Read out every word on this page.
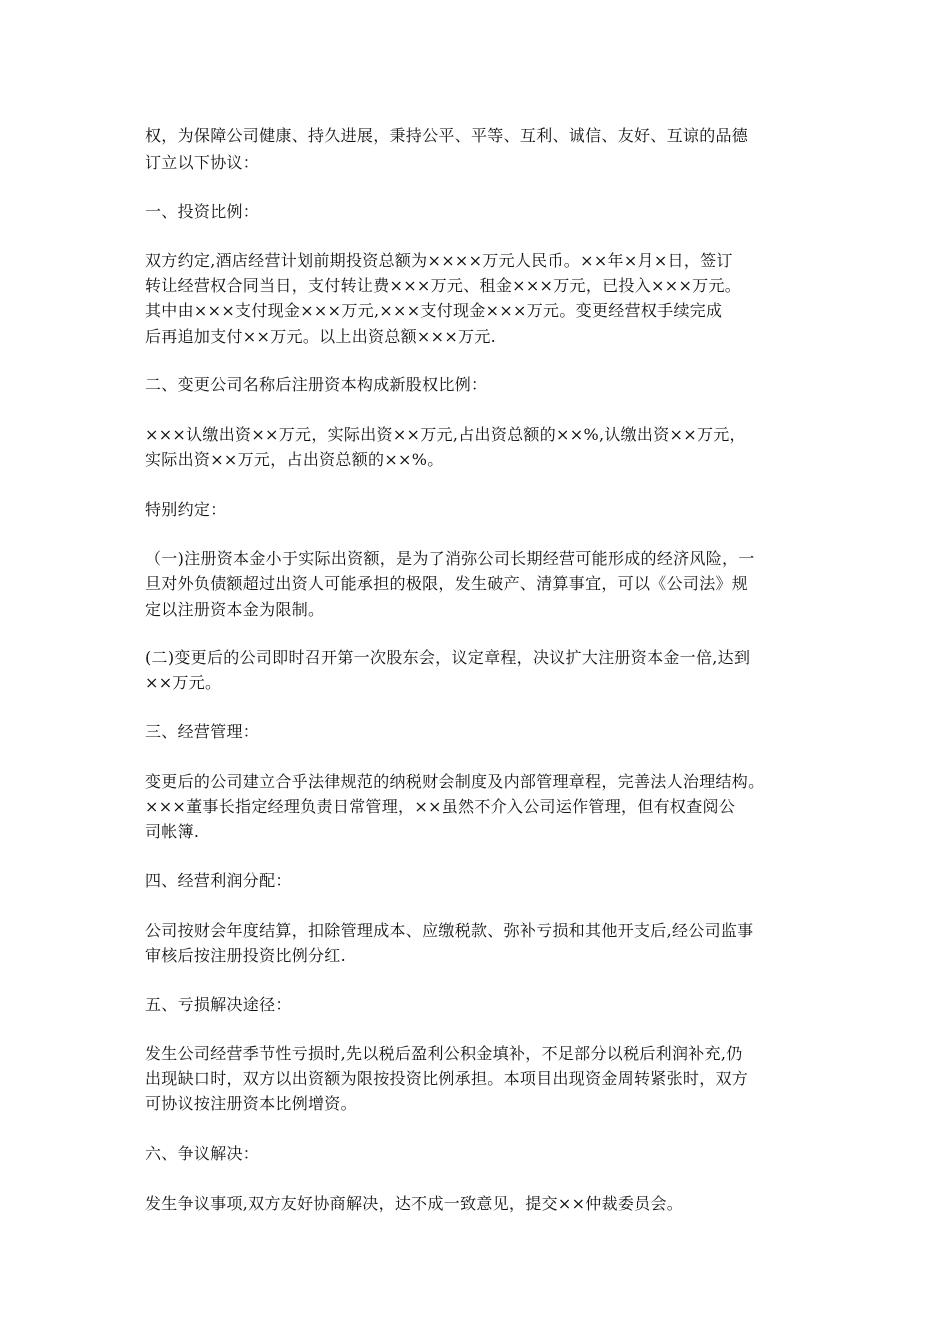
权，为保障公司健康、持久进展，秉持公平、平等、互利、诚信、友好、互谅的品德

订立以下协议：

一、投资比例：

双方约定,酒店经营计划前期投资总额为××××万元人民币。××年×月×日，签订

转让经营权合同当日，支付转让费×××万元、租金×××万元，已投入×××万元。

其中由×××支付现金×××万元,×××支付现金×××万元。变更经营权手续完成

后再追加支付××万元。以上出资总额×××万元.

二、变更公司名称后注册资本构成新股权比例：

×××认缴出资××万元，实际出资××万元,占出资总额的××%,认缴出资××万元，

实际出资××万元，占出资总额的××%。

特别约定：

（一)注册资本金小于实际出资额，是为了消弥公司长期经营可能形成的经济风险，一

旦对外负债额超过出资人可能承担的极限，发生破产、清算事宜，可以《公司法》规

定以注册资本金为限制。

(二)变更后的公司即时召开第一次股东会，议定章程，决议扩大注册资本金一倍,达到

××万元。

三、经营管理：

变更后的公司建立合乎法律规范的纳税财会制度及内部管理章程，完善法人治理结构。

×××董事长指定经理负责日常管理，××虽然不介入公司运作管理，但有权查阅公

司帐簿.

四、经营利润分配：

公司按财会年度结算，扣除管理成本、应缴税款、弥补亏损和其他开支后,经公司监事

审核后按注册投资比例分红.

五、亏损解决途径：

发生公司经营季节性亏损时,先以税后盈利公积金填补，不足部分以税后利润补充,仍

出现缺口时，双方以出资额为限按投资比例承担。本项目出现资金周转紧张时，双方

可协议按注册资本比例增资。

六、争议解决：

发生争议事项,双方友好协商解决，达不成一致意见，提交××仲裁委员会。
